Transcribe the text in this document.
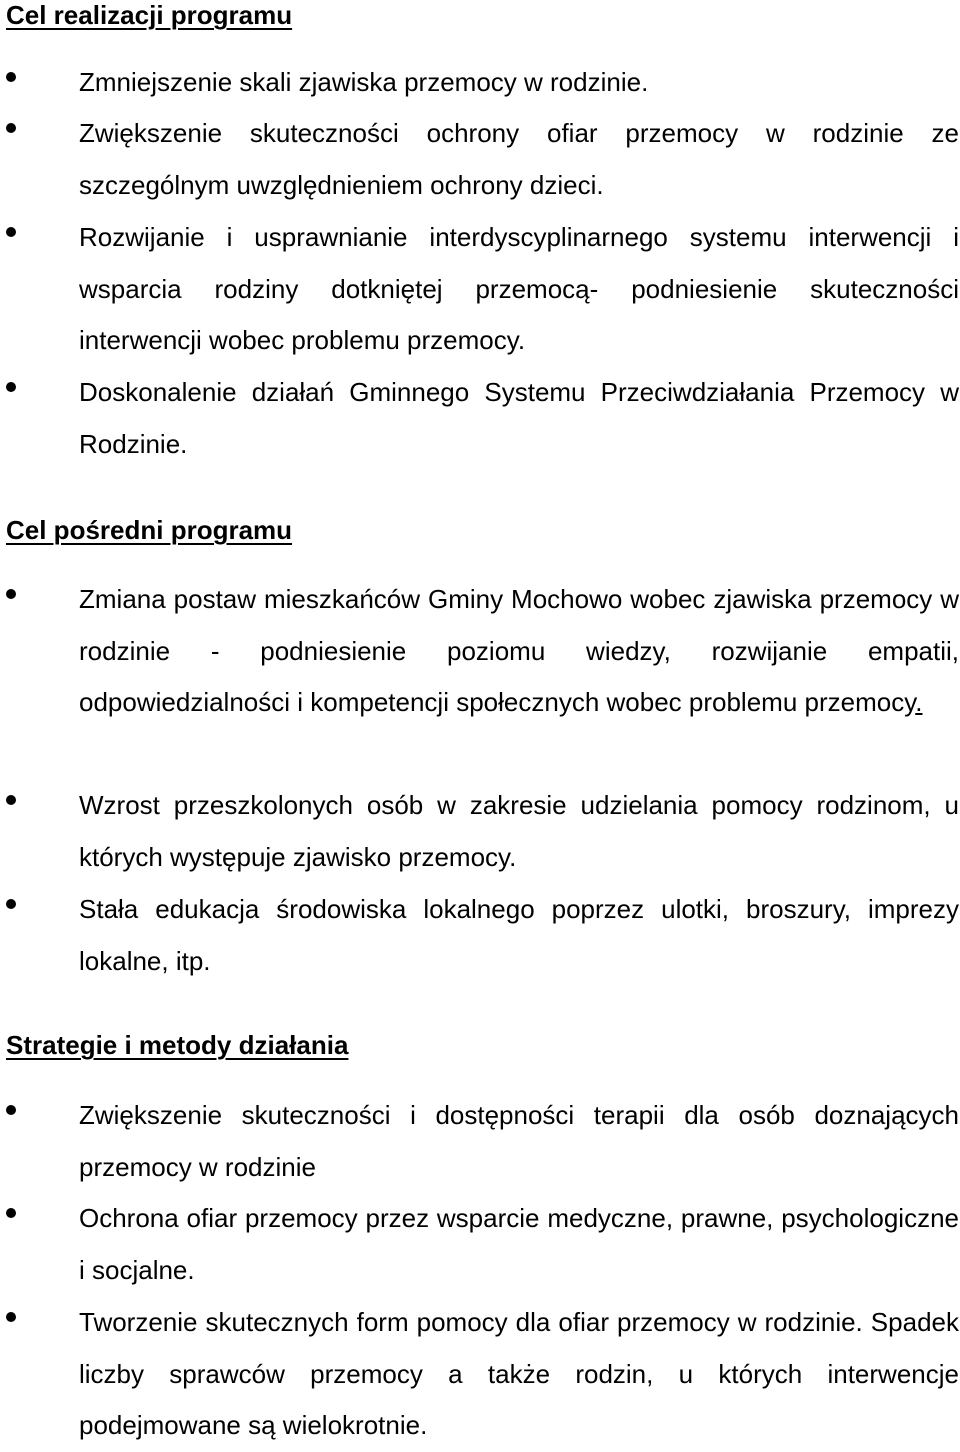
Cel realizacji programu

Zmniejszenie skali zjawiska przemocy w rodzinie.

Zwiększenie skuteczności ochrony ofiar przemocy w rodzinie ze szczególnym uwzględnieniem ochrony dzieci.

Rozwijanie i usprawnianie interdyscyplinarnego systemu interwencji i wsparcia rodziny dotkniętej przemocą- podniesienie skuteczności interwencji wobec problemu przemocy.

Doskonalenie działań Gminnego Systemu Przeciwdziałania Przemocy w Rodzinie.

Cel pośredni programu

Zmiana postaw mieszkańców Gminy Mochowo wobec zjawiska przemocy w rodzinie - podniesienie poziomu wiedzy, rozwijanie empatii, odpowiedzialności i kompetencji społecznych wobec problemu przemocy.

Wzrost przeszkolonych osób w zakresie udzielania pomocy rodzinom, u których występuje zjawisko przemocy.

Stała edukacja środowiska lokalnego poprzez ulotki, broszury, imprezy lokalne, itp.

Strategie i metody działania

Zwiększenie skuteczności i dostępności terapii dla osób doznających przemocy w rodzinie

Ochrona ofiar przemocy przez wsparcie medyczne, prawne, psychologiczne i socjalne.

Tworzenie skutecznych form pomocy dla ofiar przemocy w rodzinie. Spadek liczby sprawców przemocy a także rodzin, u których interwencje podejmowane są wielokrotnie.
